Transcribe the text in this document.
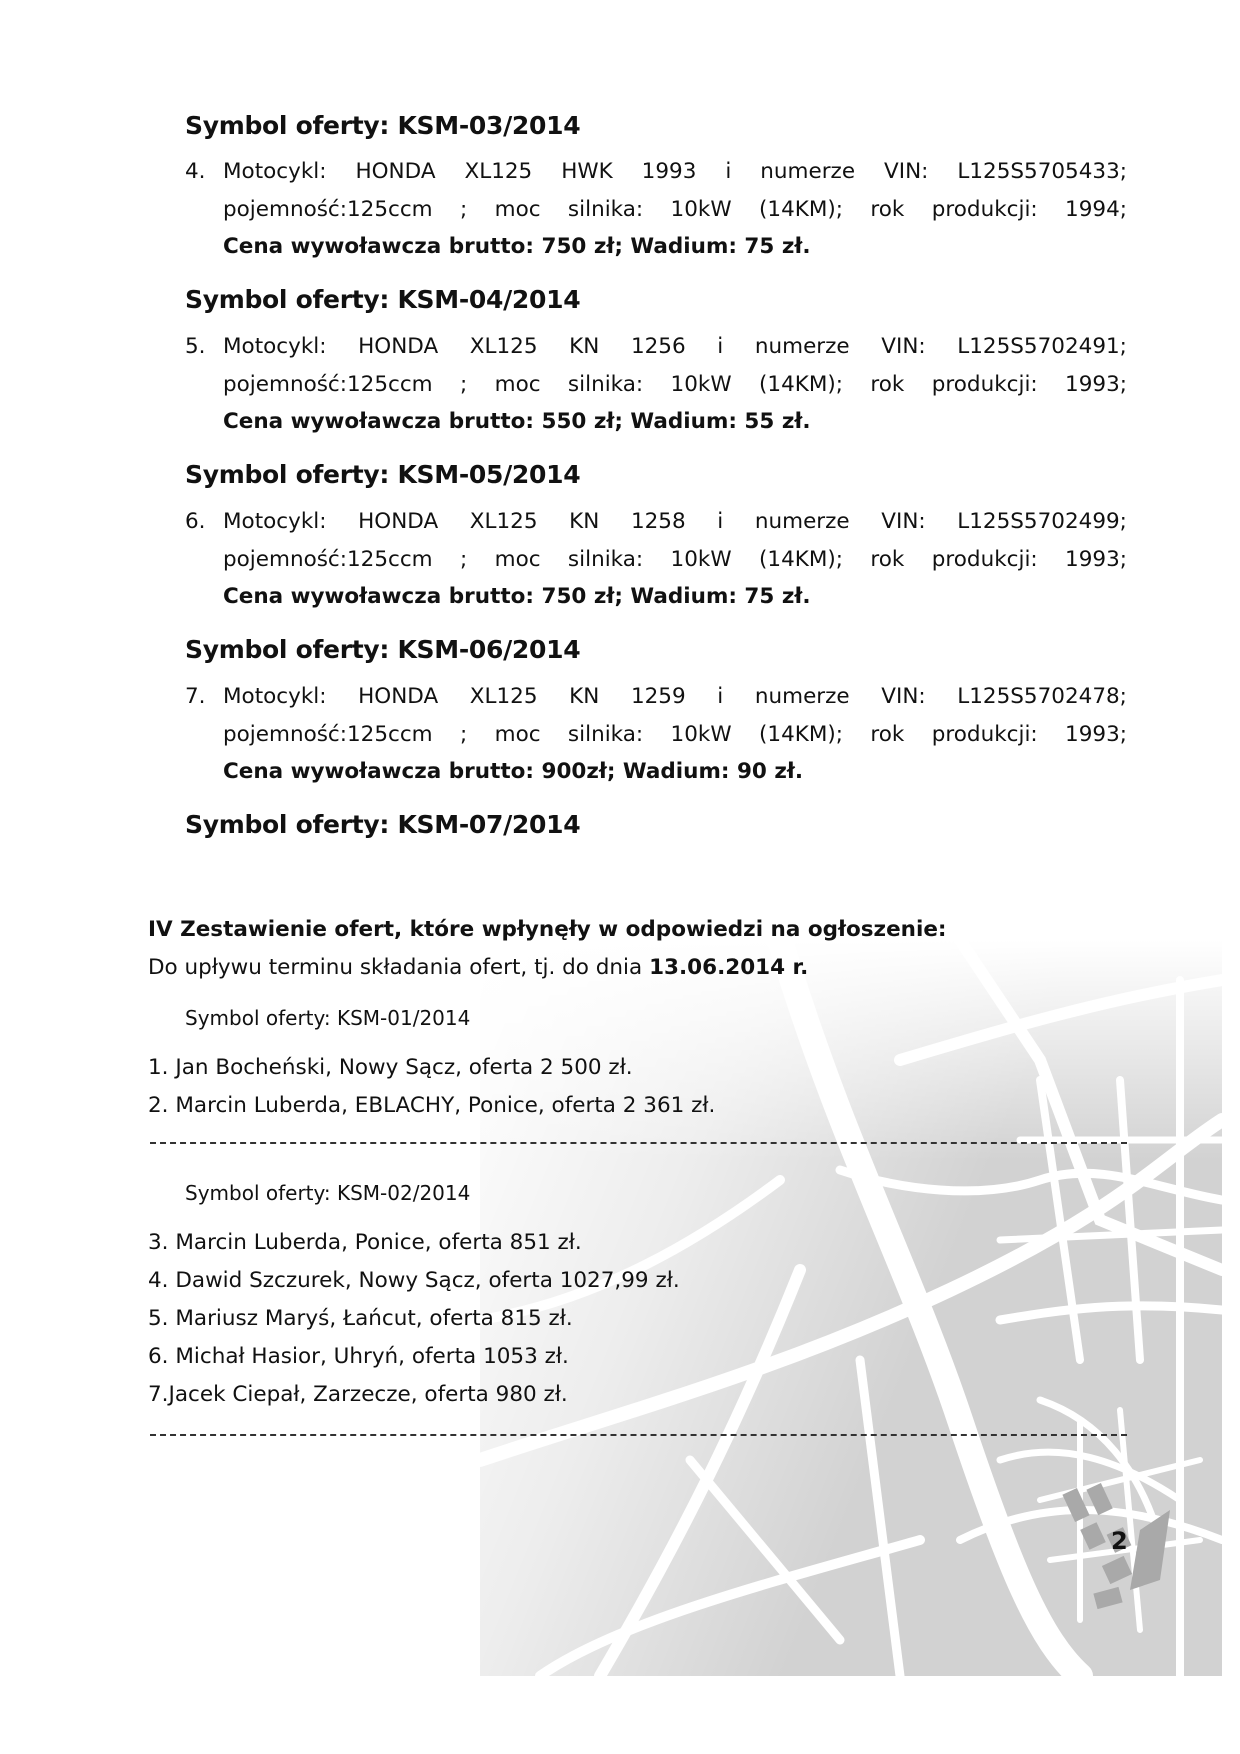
Symbol oferty: KSM-03/2014
4. Motocykl: HONDA XL125 HWK 1993 i numerze VIN: L125S5705433;
pojemność:125ccm ; moc silnika: 10kW (14KM); rok produkcji: 1994;
Cena wywoławcza brutto: 750 zł; Wadium: 75 zł.
Symbol oferty: KSM-04/2014
5. Motocykl: HONDA XL125 KN 1256 i numerze VIN: L125S5702491;
pojemność:125ccm ; moc silnika: 10kW (14KM); rok produkcji: 1993;
Cena wywoławcza brutto: 550 zł; Wadium: 55 zł.
Symbol oferty: KSM-05/2014
6. Motocykl: HONDA XL125 KN 1258 i numerze VIN: L125S5702499;
pojemność:125ccm ; moc silnika: 10kW (14KM); rok produkcji: 1993;
Cena wywoławcza brutto: 750 zł; Wadium: 75 zł.
Symbol oferty: KSM-06/2014
7. Motocykl: HONDA XL125 KN 1259 i numerze VIN: L125S5702478;
pojemność:125ccm ; moc silnika: 10kW (14KM); rok produkcji: 1993;
Cena wywoławcza brutto: 900zł; Wadium: 90 zł.
Symbol oferty: KSM-07/2014
IV Zestawienie ofert, które wpłynęły w odpowiedzi na ogłoszenie:
Do upływu terminu składania ofert, tj. do dnia 13.06.2014 r.
Symbol oferty: KSM-01/2014
1. Jan Bocheński, Nowy Sącz, oferta 2 500 zł.
2. Marcin Luberda, EBLACHY, Ponice, oferta 2 361 zł.
Symbol oferty: KSM-02/2014
3. Marcin Luberda, Ponice, oferta 851 zł.
4. Dawid Szczurek, Nowy Sącz, oferta 1027,99 zł.
5. Mariusz Maryś, Łańcut, oferta 815 zł.
6. Michał Hasior, Uhryń, oferta 1053 zł.
7.Jacek Ciepał, Zarzecze, oferta 980 zł.
2
